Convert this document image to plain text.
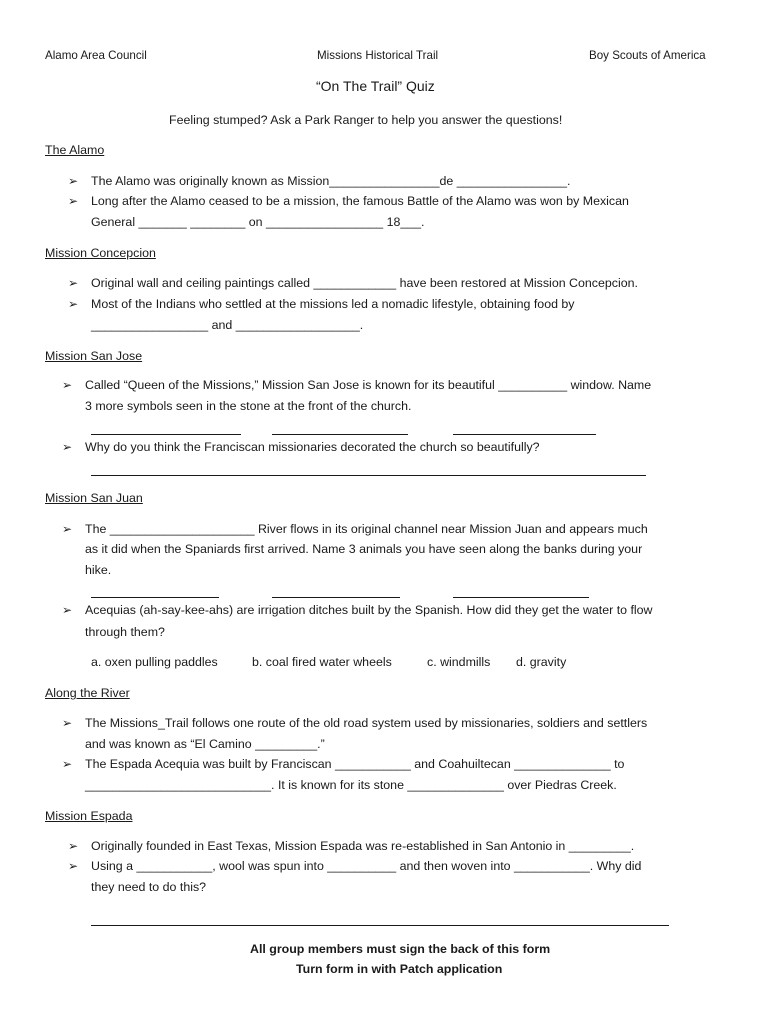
Alamo Area Council	Missions Historical Trail	Boy Scouts of America
“On The Trail” Quiz
Feeling stumped? Ask a Park Ranger to help you answer the questions!
The Alamo
➢ The Alamo was originally known as Mission________________de ________________.
➢ Long after the Alamo ceased to be a mission, the famous Battle of the Alamo was won by Mexican
General _______ ________ on _________________ 18___.
Mission Concepcion
➢ Original wall and ceiling paintings called ____________ have been restored at Mission Concepcion.
➢ Most of the Indians who settled at the missions led a nomadic lifestyle, obtaining food by
_________________ and __________________.
Mission San Jose
➢ Called “Queen of the Missions,” Mission San Jose is known for its beautiful __________ window. Name
3 more symbols seen in the stone at the front of the church.
➢ Why do you think the Franciscan missionaries decorated the church so beautifully?
Mission San Juan
➢ The _____________________ River flows in its original channel near Mission Juan and appears much
as it did when the Spaniards first arrived. Name 3 animals you have seen along the banks during your
hike.
➢ Acequias (ah-say-kee-ahs) are irrigation ditches built by the Spanish. How did they get the water to flow
through them?
a. oxen pulling paddles	b. coal fired water wheels	c. windmills d. gravity
Along the River
➢ The Missions_Trail follows one route of the old road system used by missionaries, soldiers and settlers
and was known as “El Camino _________.”
➢ The Espada Acequia was built by Franciscan ___________ and Coahuiltecan ______________ to
___________________________. It is known for its stone ______________ over Piedras Creek.
Mission Espada
➢ Originally founded in East Texas, Mission Espada was re-established in San Antonio in _________.
➢ Using a ___________, wool was spun into __________ and then woven into ___________. Why did
they need to do this?
All group members must sign the back of this form
Turn form in with Patch application
